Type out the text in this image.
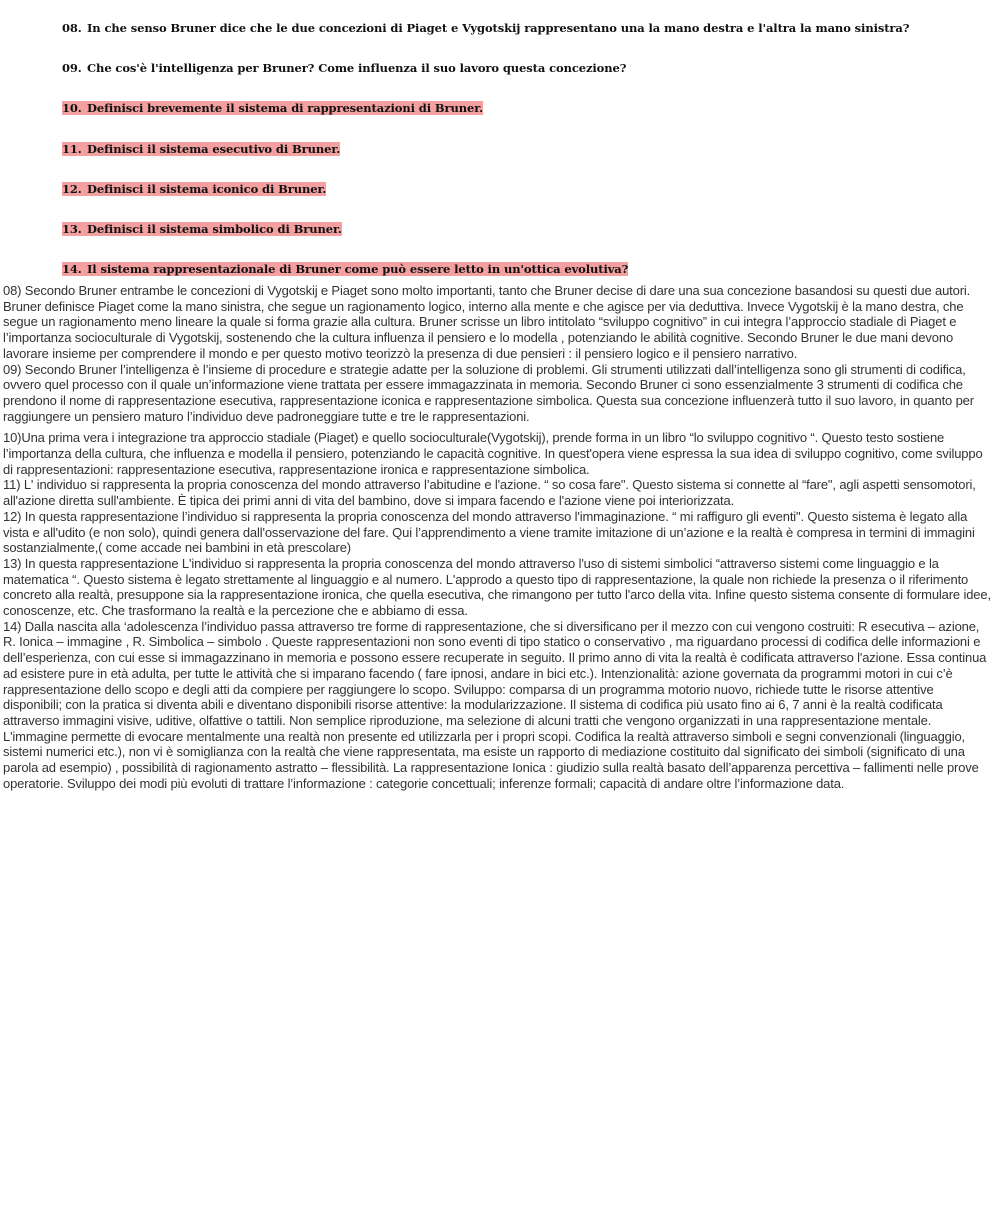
08. In che senso Bruner dice che le due concezioni di Piaget e Vygotskij rappresentano una la mano destra e l'altra la mano sinistra?
09. Che cos'è l'intelligenza per Bruner? Come influenza il suo lavoro questa concezione?
10. Definisci brevemente il sistema di rappresentazioni di Bruner.
11. Definisci il sistema esecutivo di Bruner.
12. Definisci il sistema iconico di Bruner.
13. Definisci il sistema simbolico di Bruner.
14. Il sistema rappresentazionale di Bruner come può essere letto in un'ottica evolutiva?

08) Secondo Bruner entrambe le concezioni di Vygotskij e Piaget sono molto importanti, tanto che Bruner decise di dare una sua concezione basandosi su questi due autori. Bruner definisce Piaget come la mano sinistra, che segue un ragionamento logico, interno alla mente e che agisce per via deduttiva. Invece Vygotskij è la mano destra, che segue un ragionamento meno lineare la quale si forma grazie alla cultura. Bruner scrisse un libro intitolato “sviluppo cognitivo” in cui integra l’approccio stadiale di Piaget e l’importanza socioculturale di Vygotskij, sostenendo che la cultura influenza il pensiero e lo modella , potenziando le abilità cognitive. Secondo Bruner le due mani devono lavorare insieme per comprendere il mondo e per questo motivo teorizzò la presenza di due pensieri : il pensiero logico e il pensiero narrativo.

09) Secondo Bruner l’intelligenza è l’insieme di procedure e strategie adatte per la soluzione di problemi. Gli strumenti utilizzati dall’intelligenza sono gli strumenti di codifica, ovvero quel processo con il quale un’informazione viene trattata per essere immagazzinata in memoria. Secondo Bruner ci sono essenzialmente 3 strumenti di codifica che prendono il nome di rappresentazione esecutiva, rappresentazione iconica e rappresentazione simbolica. Questa sua concezione influenzerà tutto il suo lavoro, in quanto per raggiungere un pensiero maturo l’individuo deve padroneggiare tutte e tre le rappresentazioni.

10)Una prima vera i integrazione tra approccio stadiale (Piaget) e quello socioculturale(Vygotskij), prende forma in un libro “lo sviluppo cognitivo “. Questo testo sostiene l’importanza della cultura, che influenza e modella il pensiero, potenziando le capacità cognitive. In quest'opera viene espressa la sua idea di sviluppo cognitivo, come sviluppo di rappresentazioni: rappresentazione esecutiva, rappresentazione ironica e rappresentazione simbolica.

11) L' individuo si rappresenta la propria conoscenza del mondo attraverso l’abitudine e l'azione. “ so cosa fare". Questo sistema si connette al “fare", agli aspetti sensomotori, all'azione diretta sull'ambiente. È tipica dei primi anni di vita del bambino, dove si impara facendo e l'azione viene poi interiorizzata.

12) In questa rappresentazione l’individuo si rappresenta la propria conoscenza del mondo attraverso l'immaginazione. “ mi raffiguro gli eventi". Questo sistema è legato alla vista e all'udito (e non solo), quindi genera dall'osservazione del fare. Qui l’apprendimento a viene tramite imitazione di un’azione e la realtà è compresa in termini di immagini sostanzialmente,( come accade nei bambini in età prescolare)

13) In questa rappresentazione L'individuo si rappresenta la propria conoscenza del mondo attraverso l'uso di sistemi simbolici “attraverso sistemi come linguaggio e la matematica “. Questo sistema è legato strettamente al linguaggio e al numero. L'approdo a questo tipo di rappresentazione, la quale non richiede la presenza o il riferimento concreto alla realtà, presuppone sia la rappresentazione ironica, che quella esecutiva, che rimangono per tutto l'arco della vita. Infine questo sistema consente di formulare idee, conoscenze, etc. Che trasformano la realtà e la percezione che e abbiamo di essa.

14) Dalla nascita alla ‘adolescenza l’individuo passa attraverso tre forme di rappresentazione, che si diversificano per il mezzo con cui vengono costruiti: R esecutiva – azione, R. Ionica – immagine , R. Simbolica – simbolo . Queste rappresentazioni non sono eventi di tipo statico o conservativo , ma riguardano processi di codifica delle informazioni e dell’esperienza, con cui esse si immagazzinano in memoria e possono essere recuperate in seguito. Il primo anno di vita la realtà è codificata attraverso l'azione. Essa continua ad esistere pure in età adulta, per tutte le attività che si imparano facendo ( fare ipnosi, andare in bici etc.). Intenzionalità: azione governata da programmi motori in cui c’è rappresentazione dello scopo e degli atti da compiere per raggiungere lo scopo. Sviluppo: comparsa di un programma motorio nuovo, richiede tutte le risorse attentive disponibili; con la pratica si diventa abili e diventano disponibili risorse attentive: la modularizzazione. Il sistema di codifica più usato fino ai 6, 7 anni è la realtà codificata attraverso immagini visive, uditive, olfattive o tattili. Non semplice riproduzione, ma selezione di alcuni tratti che vengono organizzati in una rappresentazione mentale. L'immagine permette di evocare mentalmente una realtà non presente ed utilizzarla per i propri scopi. Codifica la realtà attraverso simboli e segni convenzionali (linguaggio, sistemi numerici etc.), non vi è somiglianza con la realtà che viene rappresentata, ma esiste un rapporto di mediazione costituito dal significato dei simboli (significato di una parola ad esempio) , possibilità di ragionamento astratto – flessibilità. La rappresentazione Ionica : giudizio sulla realtà basato dell’apparenza percettiva – fallimenti nelle prove operatorie. Sviluppo dei modi più evoluti di trattare l’informazione : categorie concettuali; inferenze formali; capacità di andare oltre l’informazione data.
